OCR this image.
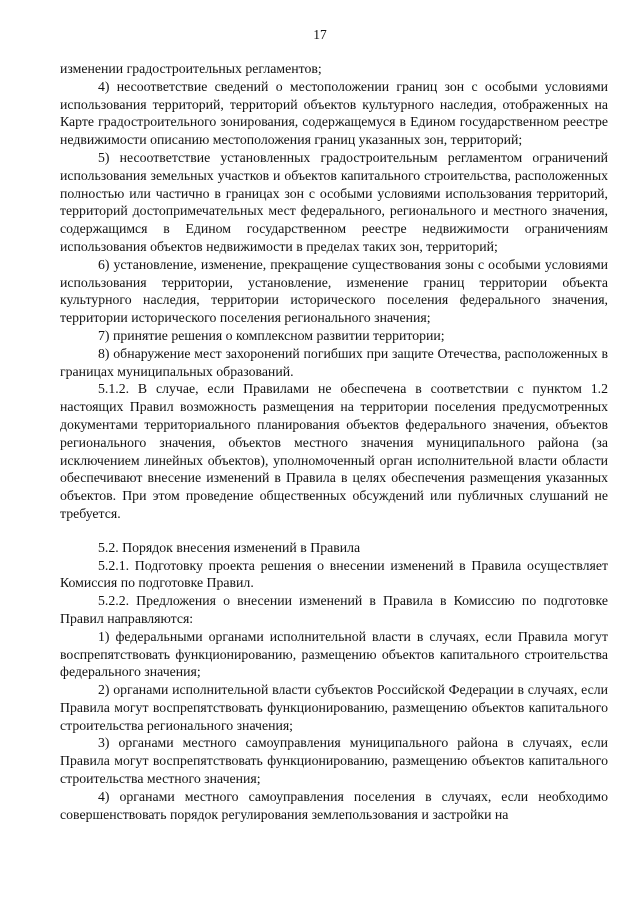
17

изменении градостроительных регламентов;

4) несоответствие сведений о местоположении границ зон с особыми условиями использования территорий, территорий объектов культурного наследия, отображенных на Карте градостроительного зонирования, содержащемуся в Едином государственном реестре недвижимости описанию местоположения границ указанных зон, территорий;

5) несоответствие установленных градостроительным регламентом ограничений использования земельных участков и объектов капитального строительства, расположенных полностью или частично в границах зон с особыми условиями использования территорий, территорий достопримечательных мест федерального, регионального и местного значения, содержащимся в Едином государственном реестре недвижимости ограничениям использования объектов недвижимости в пределах таких зон, территорий;

6) установление, изменение, прекращение существования зоны с особыми условиями использования территории, установление, изменение границ территории объекта культурного наследия, территории исторического поселения федерального значения, территории исторического поселения регионального значения;

7) принятие решения о комплексном развитии территории;

8) обнаружение мест захоронений погибших при защите Отечества, расположенных в границах муниципальных образований.

5.1.2. В случае, если Правилами не обеспечена в соответствии с пунктом 1.2 настоящих Правил возможность размещения на территории поселения предусмотренных документами территориального планирования объектов федерального значения, объектов регионального значения, объектов местного значения муниципального района (за исключением линейных объектов), уполномоченный орган исполнительной власти области обеспечивают внесение изменений в Правила в целях обеспечения размещения указанных объектов. При этом проведение общественных обсуждений или публичных слушаний не требуется.

5.2. Порядок внесения изменений в Правила

5.2.1. Подготовку проекта решения о внесении изменений в Правила осуществляет Комиссия по подготовке Правил.

5.2.2. Предложения о внесении изменений в Правила в Комиссию по подготовке Правил направляются:

1) федеральными органами исполнительной власти в случаях, если Правила могут воспрепятствовать функционированию, размещению объектов капитального строительства федерального значения;

2) органами исполнительной власти субъектов Российской Федерации в случаях, если Правила могут воспрепятствовать функционированию, размещению объектов капитального строительства регионального значения;

3) органами местного самоуправления муниципального района в случаях, если Правила могут воспрепятствовать функционированию, размещению объектов капитального строительства местного значения;

4) органами местного самоуправления поселения в случаях, если необходимо совершенствовать порядок регулирования землепользования и застройки на
